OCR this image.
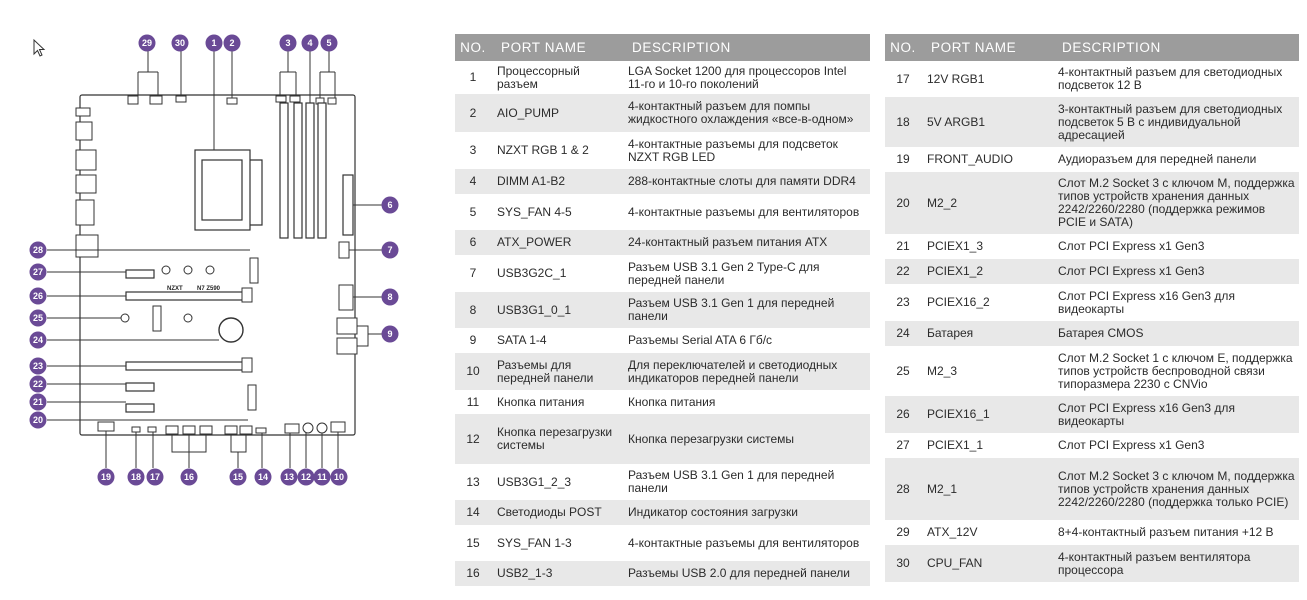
NZXT N7 Z590
29	30	1 2	3 4 5
6
7
8
9
28
27
26
25
24
23
22
21
20
19 18 17	16	15 14 13 12 11 10
NO.	PORT NAME	DESCRIPTION
1	Процессорный разъем	LGA Socket 1200 для процессоров Intel 11-го и 10-го поколений
2	AIO_PUMP	4-контактный разъем для помпы жидкостного охлаждения «все-в-одном»
3	NZXT RGB 1 & 2	4-контактные разъемы для подсветок NZXT RGB LED
4	DIMM A1-B2	288-контактные слоты для памяти DDR4
5	SYS_FAN 4-5	4-контактные разъемы для вентиляторов
6	ATX_POWER	24-контактный разъем питания ATX
7	USB3G2C_1	Разъем USB 3.1 Gen 2 Type-C для передней панели
8	USB3G1_0_1	Разъем USB 3.1 Gen 1 для передней панели
9	SATA 1-4	Разъемы Serial ATA 6 Гб/с
10	Разъемы для передней панели	Для переключателей и светодиодных индикаторов передней панели
11	Кнопка питания	Кнопка питания
12	Кнопка перезагрузки системы	Кнопка перезагрузки системы
13	USB3G1_2_3	Разъем USB 3.1 Gen 1 для передней панели
14	Светодиоды POST	Индикатор состояния загрузки
15	SYS_FAN 1-3	4-контактные разъемы для вентиляторов
16	USB2_1-3	Разъемы USB 2.0 для передней панели
NO.	PORT NAME	DESCRIPTION
17	12V RGB1	4-контактный разъем для светодиодных подсветок 12 В
18	5V ARGB1	3-контактный разъем для светодиодных подсветок 5 В с индивидуальной адресацией
19	FRONT_AUDIO	Аудиоразъем для передней панели
20	M2_2	Слот M.2 Socket 3 с ключом M, поддержка типов устройств хранения данных 2242/2260/2280 (поддержка режимов PCIE и SATA)
21	PCIEX1_3	Слот PCI Express x1 Gen3
22	PCIEX1_2	Слот PCI Express x1 Gen3
23	PCIEX16_2	Слот PCI Express x16 Gen3 для видеокарты
24	Батарея	Батарея CMOS
25	M2_3	Слот M.2 Socket 1 с ключом E, поддержка типов устройств беспроводной связи типоразмера 2230 с CNVio
26	PCIEX16_1	Слот PCI Express x16 Gen3 для видеокарты
27	PCIEX1_1	Слот PCI Express x1 Gen3
28	M2_1	Слот M.2 Socket 3 с ключом M, поддержка типов устройств хранения данных 2242/2260/2280 (поддержка только PCIE)
29	ATX_12V	8+4-контактный разъем питания +12 В
30	CPU_FAN	4-контактный разъем вентилятора процессора
